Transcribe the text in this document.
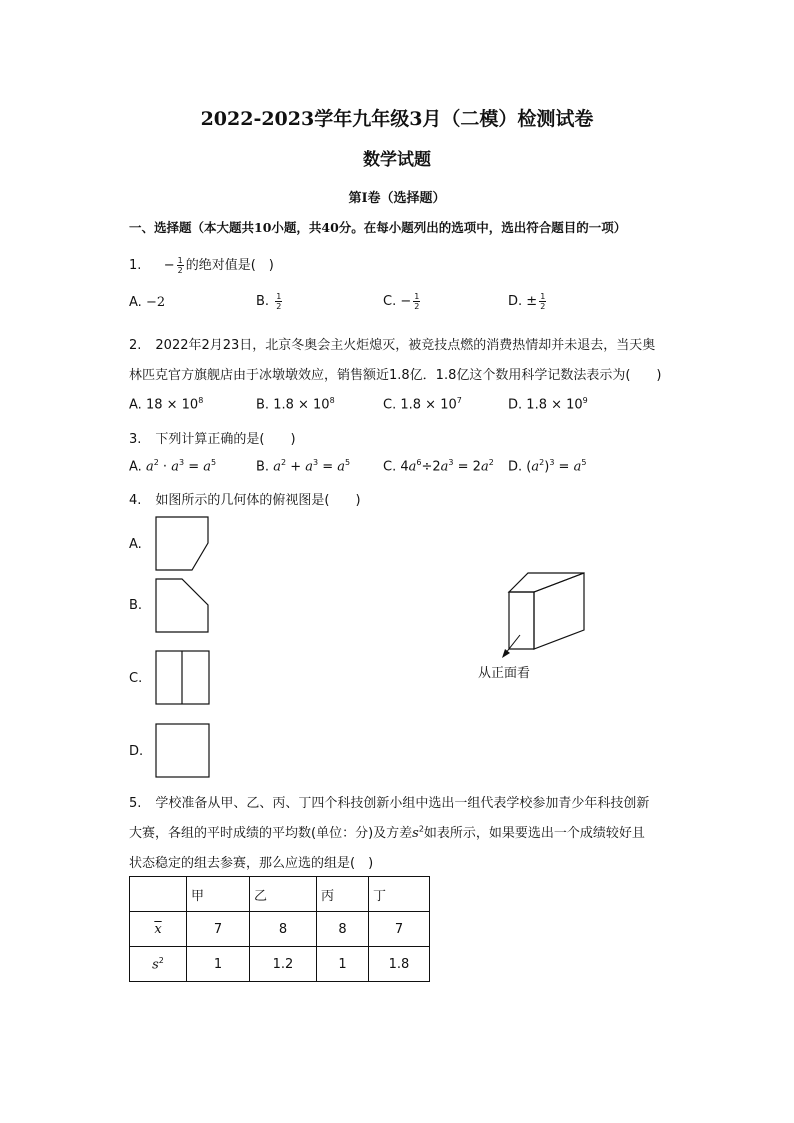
2022-2023学年九年级3月（二模）检测试卷
数学试题
第I卷（选择题）
一、选择题（本大题共10小题，共40分。在每小题列出的选项中，选出符合题目的一项）
1. − $\frac{1}{2}$ 的绝对值是(　)
A. −2	B. $\frac{1}{2}$	C. − $\frac{1}{2}$	D. ± $\frac{1}{2}$
2. 2022年2月23日，北京冬奥会主火炬熄灭，被竞技点燃的消费热情却并未退去，当天奥
林匹克官方旗舰店由于冰墩墩效应，销售额近1.8亿．1.8亿这个数用科学记数法表示为(　　)
A. $18 \times 10^8$	B. $1.8 \times 10^8$	C. $1.8 \times 10^7$	D. $1.8 \times 10^9$
3. 下列计算正确的是(　　)
A. $a^2 \cdot a^3 = a^5$	B. $a^2 + a^3 = a^5$	C. $4a^6\div 2a^3 = 2a^2$ D. $(a^2)^3 = a^5$
4. 如图所示的几何体的俯视图是(　　)
A.
B.
C.
D.
从正面看
5. 学校准备从甲、乙、丙、丁四个科技创新小组中选出一组代表学校参加青少年科技创新
大赛，各组的平时成绩的平均数(单位：分)及方差$s^2$如表所示，如果要选出一个成绩较好且
状态稳定的组去参赛，那么应选的组是(　)
	甲	乙	丙	丁
$\overline{x}$	7	8	8	7
$s^2$	1	1.2	1	1.8
